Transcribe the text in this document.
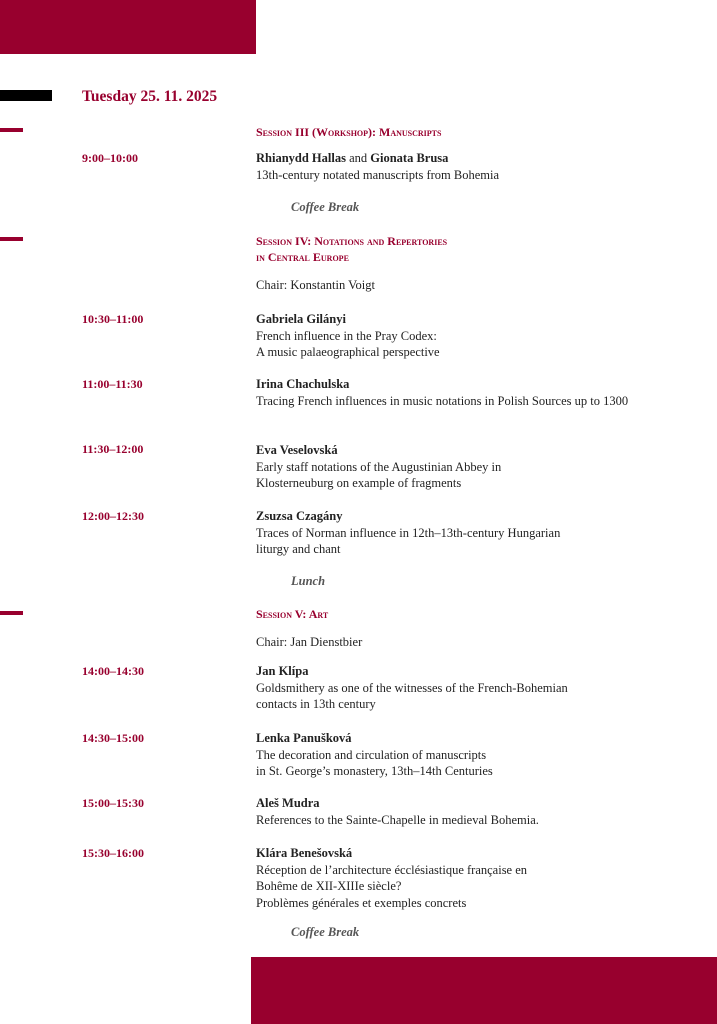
Tuesday 25. 11. 2025
Session III (Workshop): Manuscripts
9:00–10:00	Rhianydd Hallas and Gionata Brusa
13th-century notated manuscripts from Bohemia
Coffee Break
Session IV: Notations and Repertories
in Central Europe
Chair: Konstantin Voigt
10:30–11:00	Gabriela Gilányi
French influence in the Pray Codex:
A music palaeographical perspective
11:00–11:30	Irina Chachulska
Tracing French influences in music notations in Polish Sources up to 1300
11:30–12:00	Eva Veselovská
Early staff notations of the Augustinian Abbey in
Klosterneuburg on example of fragments
12:00–12:30	Zsuzsa Czagány
Traces of Norman influence in 12th–13th-century Hungarian
liturgy and chant
Lunch
Session V: Art
Chair: Jan Dienstbier
14:00–14:30	Jan Klípa
Goldsmithery as one of the witnesses of the French-Bohemian
contacts in 13th century
14:30–15:00	Lenka Panušková
The decoration and circulation of manuscripts
in St. George’s monastery, 13th–14th Centuries
15:00–15:30	Aleš Mudra
References to the Sainte-Chapelle in medieval Bohemia.
15:30–16:00	Klára Benešovská
Réception de l’architecture écclésiastique française en
Bohême de XII-XIIIe siècle?
Problèmes générales et exemples concrets
Coffee Break
